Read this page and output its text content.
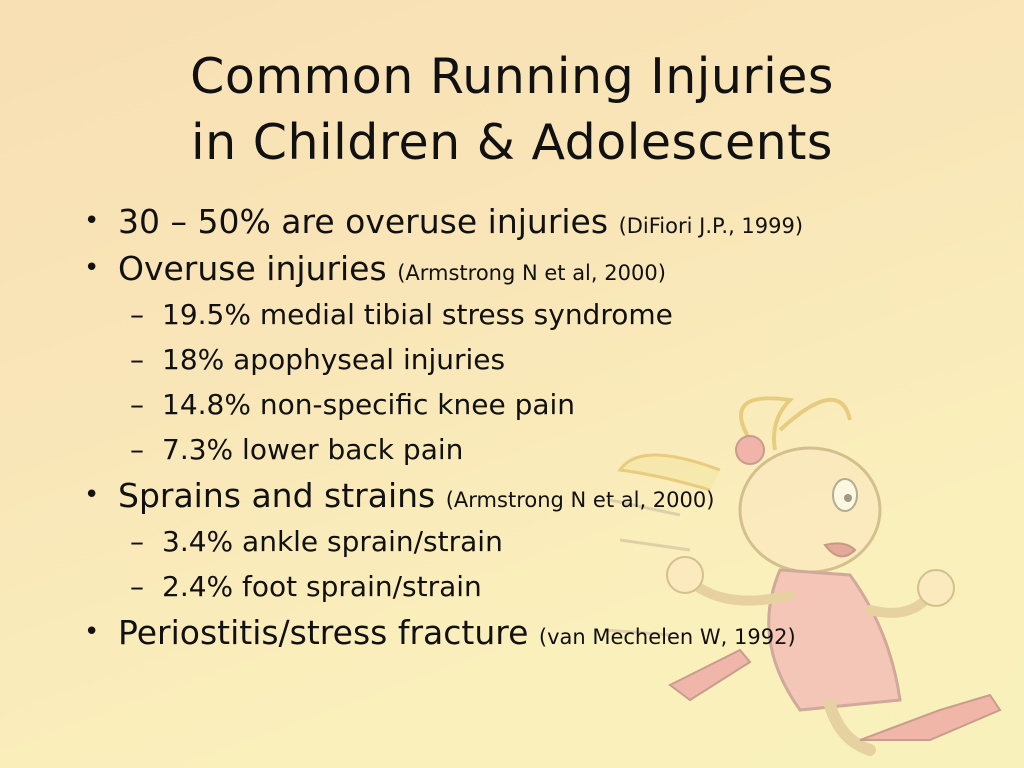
Common Running Injuries
in Children & Adolescents
• 30 – 50% are overuse injuries (DiFiori J.P., 1999)
• Overuse injuries (Armstrong N et al, 2000)
– 19.5% medial tibial stress syndrome
– 18% apophyseal injuries
– 14.8% non-specific knee pain
– 7.3% lower back pain
• Sprains and strains (Armstrong N et al, 2000)
– 3.4% ankle sprain/strain
– 2.4% foot sprain/strain
• Periostitis/stress fracture (van Mechelen W, 1992)
